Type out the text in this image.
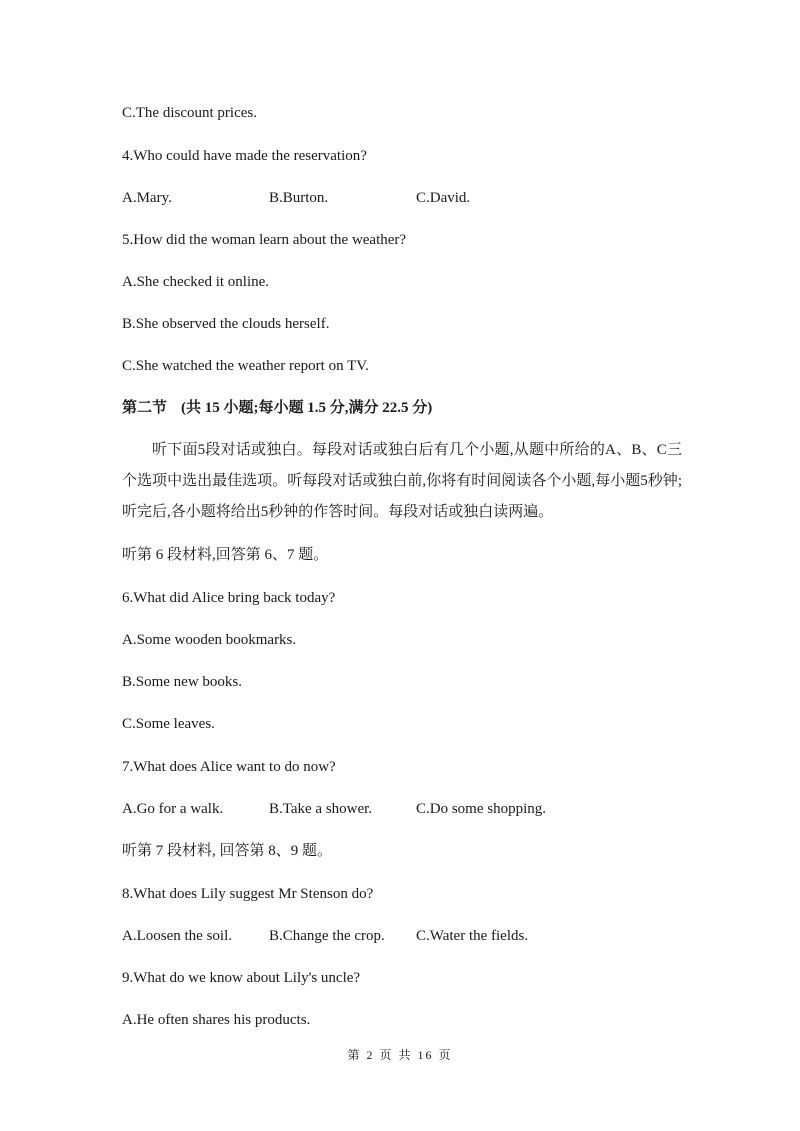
C.The discount prices.
4.Who could have made the reservation?
A.Mary.	B.Burton.	C.David.
5.How did the woman learn about the weather?
A.She checked it online.
B.She observed the clouds herself.
C.She watched the weather report on TV.
第二节 (共 15 小题;每小题 1.5 分,满分 22.5 分)
听下面5段对话或独白。每段对话或独白后有几个小题,从题中所给的A、B、C三个选项中选出最佳选项。听每段对话或独白前,你将有时间阅读各个小题,每小题5秒钟;听完后,各小题将给出5秒钟的作答时间。每段对话或独白读两遍。
听第 6 段材料,回答第 6、7 题。
6.What did Alice bring back today?
A.Some wooden bookmarks.
B.Some new books.
C.Some leaves.
7.What does Alice want to do now?
A.Go for a walk.	B.Take a shower.	C.Do some shopping.
听第 7 段材料, 回答第 8、9 题。
8.What does Lily suggest Mr Stenson do?
A.Loosen the soil. B.Change the crop. C.Water the fields.
9.What do we know about Lily's uncle?
A.He often shares his products.
第 2 页 共 16 页
